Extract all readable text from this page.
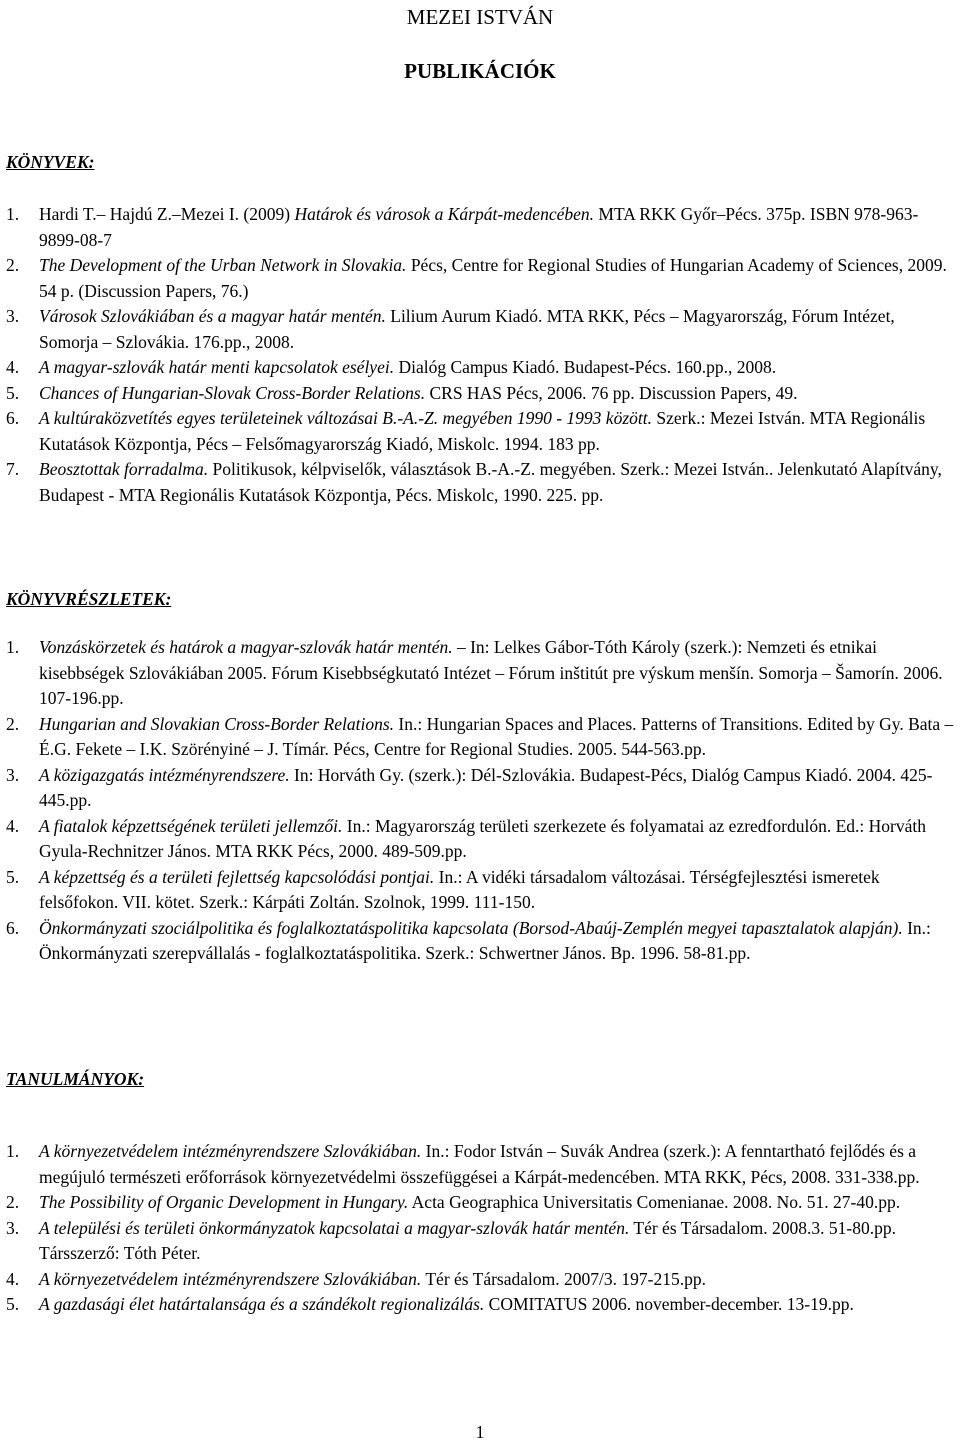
MEZEI ISTVÁN
PUBLIKÁCIÓK
KÖNYVEK:
1. Hardi T.– Hajdú Z.–Mezei I. (2009) Határok és városok a Kárpát-medencében. MTA RKK Győr–Pécs. 375p. ISBN 978-963-9899-08-7
2. The Development of the Urban Network in Slovakia. Pécs, Centre for Regional Studies of Hungarian Academy of Sciences, 2009. 54 p. (Discussion Papers, 76.)
3. Városok Szlovákiában és a magyar határ mentén. Lilium Aurum Kiadó. MTA RKK, Pécs – Magyarország, Fórum Intézet, Somorja – Szlovákia. 176.pp., 2008.
4. A magyar-szlovák határ menti kapcsolatok esélyei. Dialóg Campus Kiadó. Budapest-Pécs. 160.pp., 2008.
5. Chances of Hungarian-Slovak Cross-Border Relations. CRS HAS Pécs, 2006. 76 pp. Discussion Papers, 49.
6. A kultúraközvetítés egyes területeinek változásai B.-A.-Z. megyében 1990 - 1993 között. Szerk.: Mezei István. MTA Regionális Kutatások Központja, Pécs – Felsőmagyarország Kiadó, Miskolc. 1994. 183 pp.
7. Beosztottak forradalma. Politikusok, kélpviselők, választások B.-A.-Z. megyében. Szerk.: Mezei István.. Jelenkutató Alapítvány, Budapest - MTA Regionális Kutatások Központja, Pécs. Miskolc, 1990. 225. pp.
KÖNYVRÉSZLETEK:
1. Vonzáskörzetek és határok a magyar-szlovák határ mentén. – In: Lelkes Gábor-Tóth Károly (szerk.): Nemzeti és etnikai kisebbségek Szlovákiában 2005. Fórum Kisebbségkutató Intézet – Fórum inštitút pre výskum menšín. Somorja – Šamorín. 2006. 107-196.pp.
2. Hungarian and Slovakian Cross-Border Relations. In.: Hungarian Spaces and Places. Patterns of Transitions. Edited by Gy. Bata – É.G. Fekete – I.K. Szörényiné – J. Tímár. Pécs, Centre for Regional Studies. 2005. 544-563.pp.
3. A közigazgatás intézményrendszere. In: Horváth Gy. (szerk.): Dél-Szlovákia. Budapest-Pécs, Dialóg Campus Kiadó. 2004. 425-445.pp.
4. A fiatalok képzettségének területi jellemzői. In.: Magyarország területi szerkezete és folyamatai az ezredfordulón. Ed.: Horváth Gyula-Rechnitzer János. MTA RKK Pécs, 2000. 489-509.pp.
5. A képzettség és a területi fejlettség kapcsolódási pontjai. In.: A vidéki társadalom változásai. Térségfejlesztési ismeretek felsőfokon. VII. kötet. Szerk.: Kárpáti Zoltán. Szolnok, 1999. 111-150.
6. Önkormányzati szociálpolitika és foglalkoztatáspolitika kapcsolata (Borsod-Abaúj-Zemplén megyei tapasztalatok alapján). In.: Önkormányzati szerepvállalás - foglalkoztatáspolitika. Szerk.: Schwertner János. Bp. 1996. 58-81.pp.
TANULMÁNYOK:
1. A környezetvédelem intézményrendszere Szlovákiában. In.: Fodor István – Suvák Andrea (szerk.): A fenntartható fejlődés és a megújuló természeti erőforrások környezetvédelmi összefüggései a Kárpát-medencében. MTA RKK, Pécs, 2008. 331-338.pp.
2. The Possibility of Organic Development in Hungary. Acta Geographica Universitatis Comenianae. 2008. No. 51. 27-40.pp.
3. A települési és területi önkormányzatok kapcsolatai a magyar-szlovák határ mentén. Tér és Társadalom. 2008.3. 51-80.pp. Társszerző: Tóth Péter.
4. A környezetvédelem intézményrendszere Szlovákiában. Tér és Társadalom. 2007/3. 197-215.pp.
5. A gazdasági élet határtalansága és a szándékolt regionalizálás. COMITATUS 2006. november-december. 13-19.pp.
1
